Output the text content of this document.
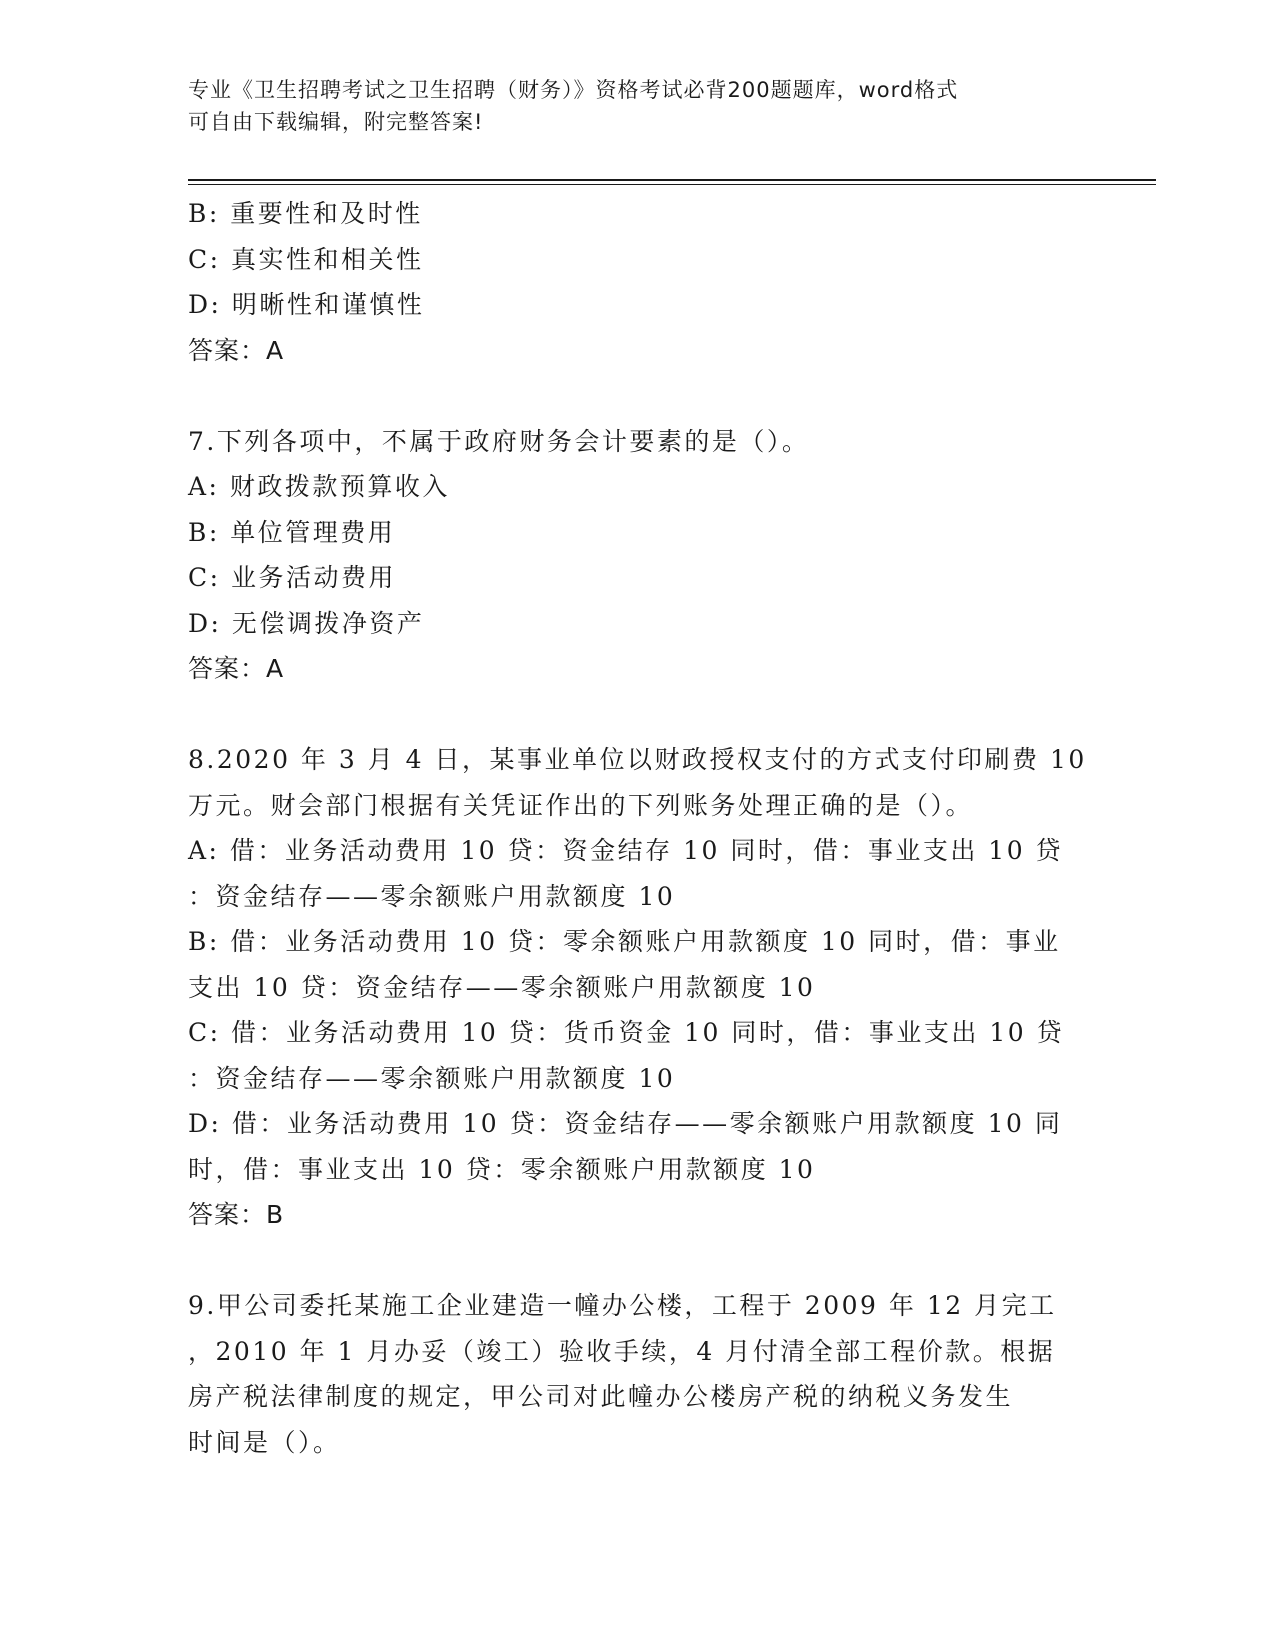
专业《卫生招聘考试之卫生招聘（财务）》资格考试必背200题题库，word格式
可自由下载编辑，附完整答案!
B: 重要性和及时性
C: 真实性和相关性
D: 明晰性和谨慎性
答案：A
7.下列各项中，不属于政府财务会计要素的是（）。
A: 财政拨款预算收入
B: 单位管理费用
C: 业务活动费用
D: 无偿调拨净资产
答案：A
8.2020 年 3 月 4 日，某事业单位以财政授权支付的方式支付印刷费 10
万元。财会部门根据有关凭证作出的下列账务处理正确的是（）。
A: 借：业务活动费用 10 贷：资金结存 10 同时，借：事业支出 10 贷
：资金结存——零余额账户用款额度 10
B: 借：业务活动费用 10 贷：零余额账户用款额度 10 同时，借：事业
支出 10 贷：资金结存——零余额账户用款额度 10
C: 借：业务活动费用 10 贷：货币资金 10 同时，借：事业支出 10 贷
：资金结存——零余额账户用款额度 10
D: 借：业务活动费用 10 贷：资金结存——零余额账户用款额度 10 同
时，借：事业支出 10 贷：零余额账户用款额度 10
答案：B
9.甲公司委托某施工企业建造一幢办公楼，工程于 2009 年 12 月完工
，2010 年 1 月办妥（竣工）验收手续，4 月付清全部工程价款。根据
房产税法律制度的规定，甲公司对此幢办公楼房产税的纳税义务发生
时间是（）。
